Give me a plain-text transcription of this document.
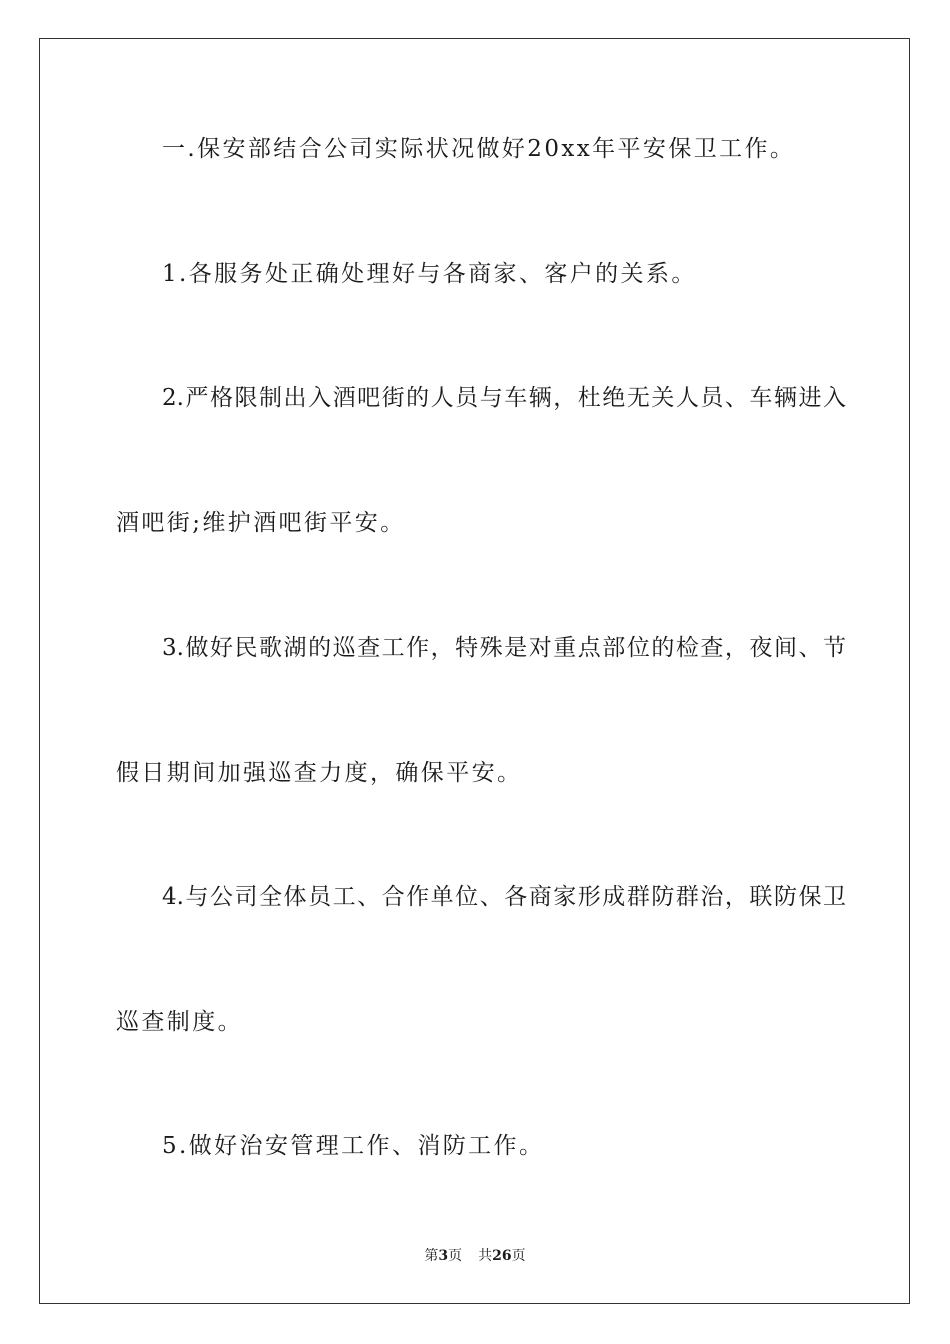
一.保安部结合公司实际状况做好20xx年平安保卫工作。
1.各服务处正确处理好与各商家、客户的关系。
2.严格限制出入酒吧街的人员与车辆，杜绝无关人员、车辆进入
酒吧街;维护酒吧街平安。
3.做好民歌湖的巡查工作，特殊是对重点部位的检查，夜间、节
假日期间加强巡查力度，确保平安。
4.与公司全体员工、合作单位、各商家形成群防群治，联防保卫
巡查制度。
5.做好治安管理工作、消防工作。
第3页 共26页
